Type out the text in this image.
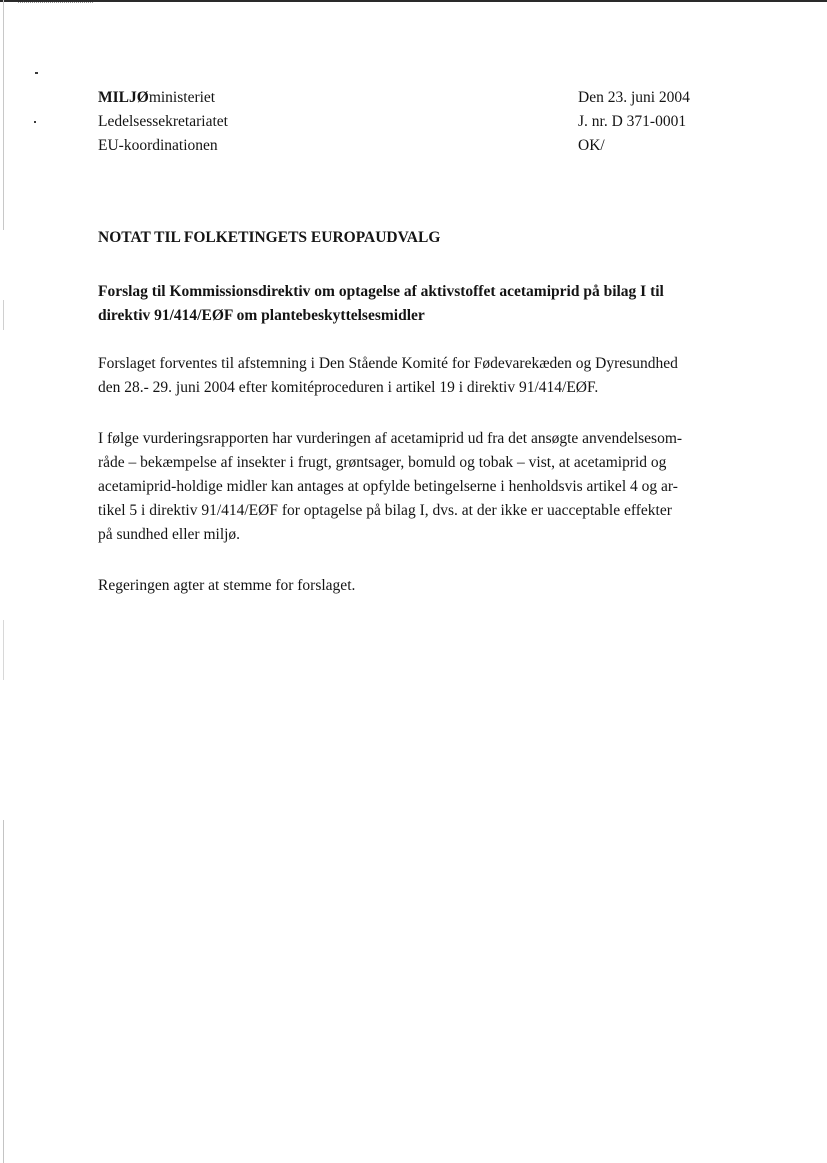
MILJØministeriet
Ledelsessekretariatet
EU-koordinationen
Den 23. juni 2004
J. nr. D 371-0001
OK/
NOTAT TIL FOLKETINGETS EUROPAUDVALG
Forslag til Kommissionsdirektiv om optagelse af aktivstoffet acetamiprid på bilag I til
direktiv 91/414/EØF om plantebeskyttelsesmidler
Forslaget forventes til afstemning i Den Stående Komité for Fødevarekæden og Dyresundhed
den 28.- 29. juni 2004 efter komitéproceduren i artikel 19 i direktiv 91/414/EØF.
I følge vurderingsrapporten har vurderingen af acetamiprid ud fra det ansøgte anvendelsesom-
råde – bekæmpelse af insekter i frugt, grøntsager, bomuld og tobak – vist, at acetamiprid og
acetamiprid-holdige midler kan antages at opfylde betingelserne i henholdsvis artikel 4 og ar-
tikel 5 i direktiv 91/414/EØF for optagelse på bilag I, dvs. at der ikke er uacceptable effekter
på sundhed eller miljø.
Regeringen agter at stemme for forslaget.
